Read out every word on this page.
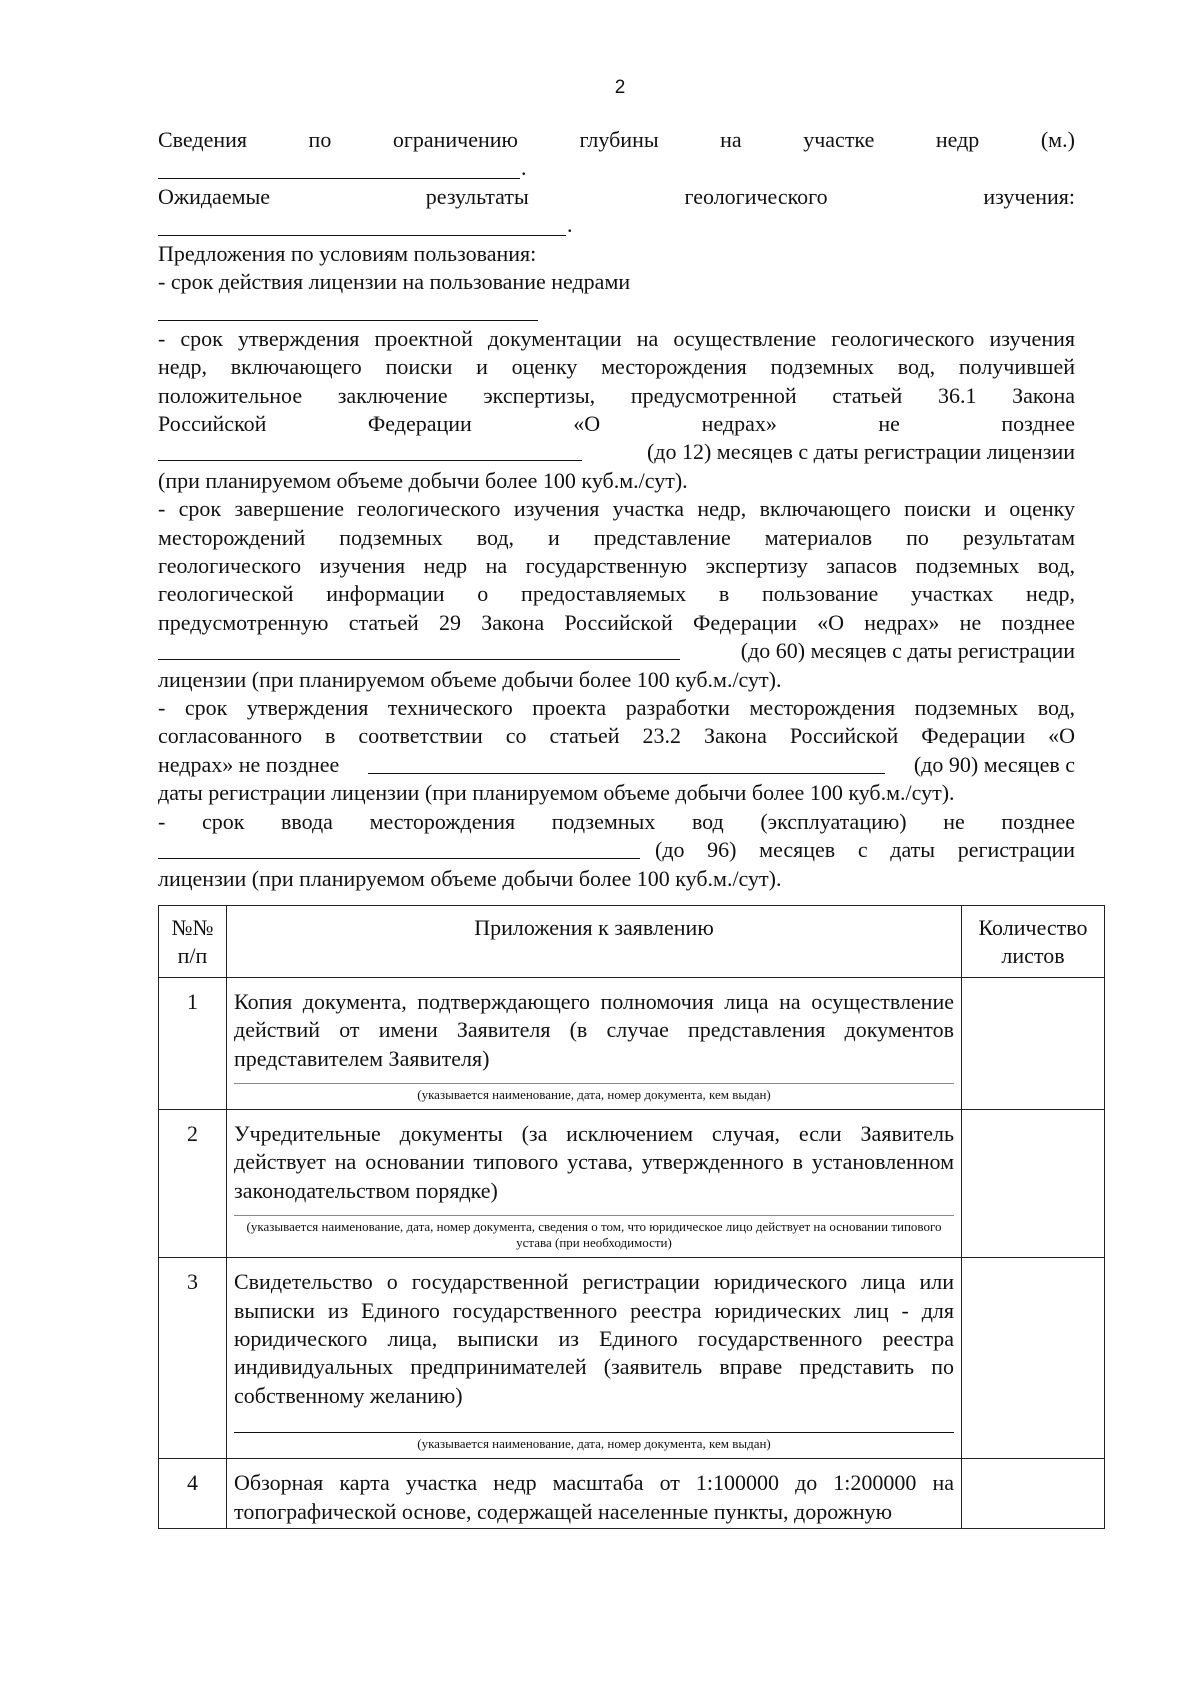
2
Сведения	по	ограничению	глубины	на	участке	недр	(м.)
.
Ожидаемые	результаты	геологического	изучения:
.
Предложения по условиям пользования:
- срок действия лицензии на пользование недрами
- срок утверждения проектной документации на осуществление геологического изучения
недр, включающего поиски и оценку месторождения подземных вод, получившей
положительное заключение экспертизы, предусмотренной статьей 36.1 Закона
Российской	Федерации	«О	недрах»	не	позднее
(до 12) месяцев с даты регистрации лицензии
(при планируемом объеме добычи более 100 куб.м./сут).
- срок завершение геологического изучения участка недр, включающего поиски и оценку
месторождений подземных вод, и представление материалов по результатам
геологического изучения недр на государственную экспертизу запасов подземных вод,
геологической информации о предоставляемых в пользование участках недр,
предусмотренную статьей 29 Закона Российской Федерации «О недрах» не позднее
(до 60) месяцев с даты регистрации
лицензии (при планируемом объеме добычи более 100 куб.м./сут).
- срок утверждения технического проекта разработки месторождения подземных вод,
согласованного в соответствии со статьей 23.2 Закона Российской Федерации «О
недрах» не позднее	(до 90) месяцев с
даты регистрации лицензии (при планируемом объеме добычи более 100 куб.м./сут).
- срок ввода месторождения подземных вод (эксплуатацию) не позднее
(до 96) месяцев с даты регистрации
лицензии (при планируемом объеме добычи более 100 куб.м./сут).
№№ п/п	Приложения к заявлению	Количество листов
1	Копия документа, подтверждающего полномочия лица на осуществление действий от имени Заявителя (в случае представления документов представителем Заявителя)
(указывается наименование, дата, номер документа, кем выдан)	

2	Учредительные документы (за исключением случая, если Заявитель действует на основании типового устава, утвержденного в установленном законодательством порядке)
(указывается наименование, дата, номер документа, сведения о том, что юридическое лицо действует на основании типового устава (при необходимости)	

3	Свидетельство о государственной регистрации юридического лица или выписки из Единого государственного реестра юридических лиц - для юридического лица, выписки из Единого государственного реестра индивидуальных предпринимателей (заявитель вправе представить по собственному желанию)
(указывается наименование, дата, номер документа, кем выдан)	

4	Обзорная карта участка недр масштаба от 1:100000 до 1:200000 на топографической основе, содержащей населенные пункты, дорожную	
